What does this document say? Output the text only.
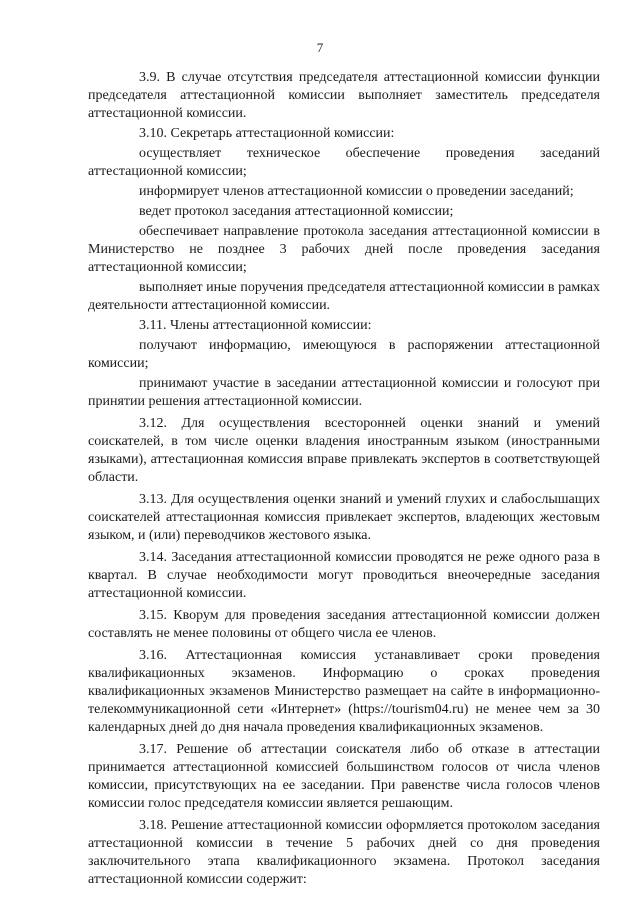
7

3.9. В случае отсутствия председателя аттестационной комиссии функции председателя аттестационной комиссии выполняет заместитель председателя аттестационной комиссии.

3.10. Секретарь аттестационной комиссии:

осуществляет техническое обеспечение проведения заседаний аттестационной комиссии;

информирует членов аттестационной комиссии о проведении заседаний;

ведет протокол заседания аттестационной комиссии;

обеспечивает направление протокола заседания аттестационной комиссии в Министерство не позднее 3 рабочих дней после проведения заседания аттестационной комиссии;

выполняет иные поручения председателя аттестационной комиссии в рамках деятельности аттестационной комиссии.

3.11. Члены аттестационной комиссии:

получают информацию, имеющуюся в распоряжении аттестационной комиссии;

принимают участие в заседании аттестационной комиссии и голосуют при принятии решения аттестационной комиссии.

3.12. Для осуществления всесторонней оценки знаний и умений соискателей, в том числе оценки владения иностранным языком (иностранными языками), аттестационная комиссия вправе привлекать экспертов в соответствующей области.

3.13. Для осуществления оценки знаний и умений глухих и слабослышащих соискателей аттестационная комиссия привлекает экспертов, владеющих жестовым языком, и (или) переводчиков жестового языка.

3.14. Заседания аттестационной комиссии проводятся не реже одного раза в квартал. В случае необходимости могут проводиться внеочередные заседания аттестационной комиссии.

3.15. Кворум для проведения заседания аттестационной комиссии должен составлять не менее половины от общего числа ее членов.

3.16. Аттестационная комиссия устанавливает сроки проведения квалификационных экзаменов. Информацию о сроках проведения квалификационных экзаменов Министерство размещает на сайте в информационно-телекоммуникационной сети «Интернет» (https://tourism04.ru) не менее чем за 30 календарных дней до дня начала проведения квалификационных экзаменов.

3.17. Решение об аттестации соискателя либо об отказе в аттестации принимается аттестационной комиссией большинством голосов от числа членов комиссии, присутствующих на ее заседании. При равенстве числа голосов членов комиссии голос председателя комиссии является решающим.

3.18. Решение аттестационной комиссии оформляется протоколом заседания аттестационной комиссии в течение 5 рабочих дней со дня проведения заключительного этапа квалификационного экзамена. Протокол заседания аттестационной комиссии содержит:
